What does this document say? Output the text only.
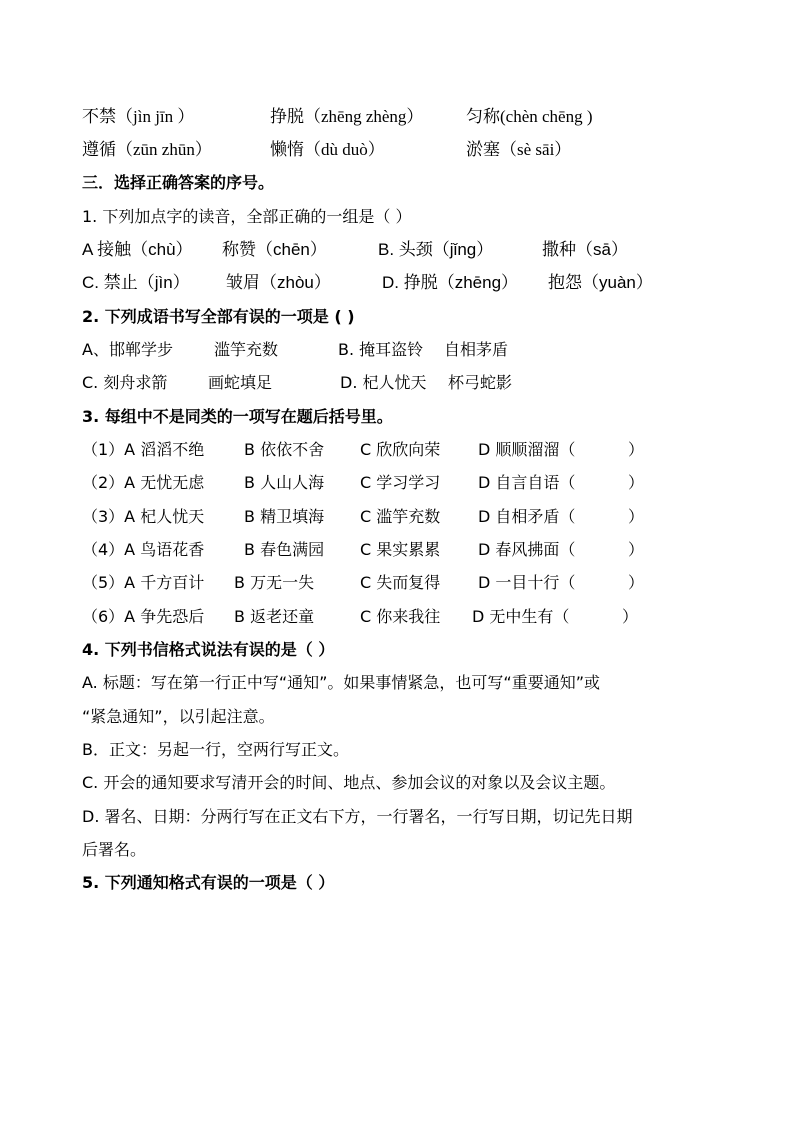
不禁（jìn jīn ）	挣脱（zhēng zhèng）	匀称(chèn chēng )
遵循（zūn zhūn）	懒惰（dù duò）	淤塞（sè sāi）
三．选择正确答案的序号。
1. 下列加点字的读音，全部正确的一组是（ ）
A 接触（chù） 称赞（chēn）	B. 头颈（jǐng）	撒种（sā）
C. 禁止（jìn） 皱眉（zhòu）	D. 挣脱（zhēng） 抱怨（yuàn）
2. 下列成语书写全部有误的一项是 ( )
A、邯郸学步	滥竽充数	B. 掩耳盗铃 自相茅盾
C. 刻舟求箭	画蛇填足	D. 杞人忧天 杯弓蛇影
3. 每组中不是同类的一项写在题后括号里。
（1）A 滔滔不绝 B 依依不舍 C 欣欣向荣 D 顺顺溜溜（	）
（2）A 无忧无虑 B 人山人海 C 学习学习 D 自言自语（	）
（3）A 杞人忧天 B 精卫填海 C 滥竽充数 D 自相矛盾（	）
（4）A 鸟语花香 B 春色满园 C 果实累累 D 春风拂面（	）
（5）A 千方百计 B 万无一失	C 失而复得 D 一目十行（	）
（6）A 争先恐后 B 返老还童	C 你来我往 D 无中生有（	）
4. 下列书信格式说法有误的是（ ）
A. 标题：写在第一行正中写“通知”。如果事情紧急，也可写“重要通知”或
“紧急通知”，以引起注意。
B．正文：另起一行，空两行写正文。
C. 开会的通知要求写清开会的时间、地点、参加会议的对象以及会议主题。
D. 署名、日期：分两行写在正文右下方，一行署名，一行写日期，切记先日期
后署名。
5. 下列通知格式有误的一项是（ ）
